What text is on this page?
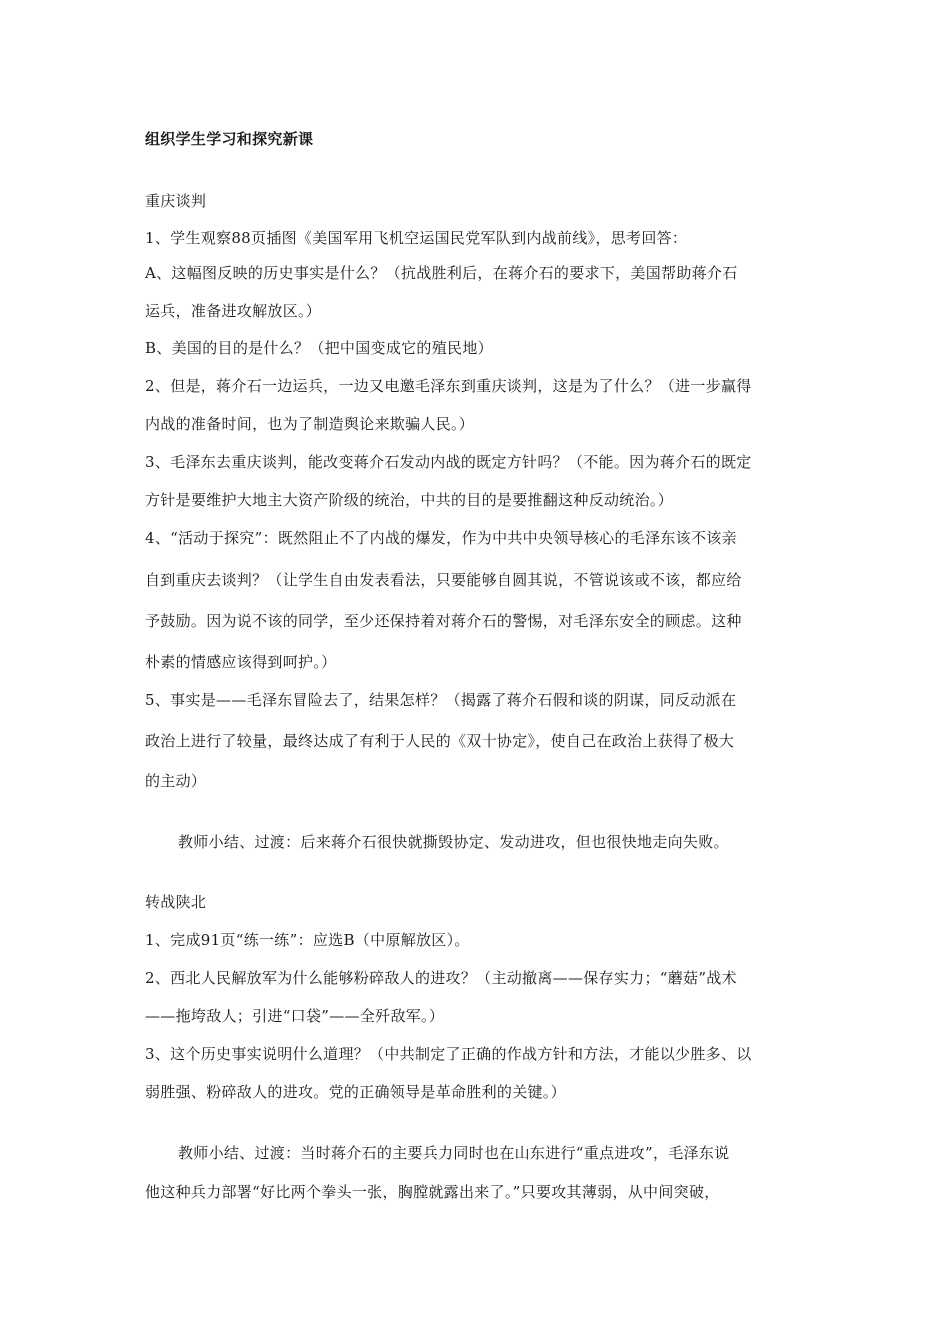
组织学生学习和探究新课
重庆谈判
1、学生观察88页插图《美国军用飞机空运国民党军队到内战前线》，思考回答：
A、这幅图反映的历史事实是什么？（抗战胜利后，在蒋介石的要求下，美国帮助蒋介石
运兵，准备进攻解放区。）
B、美国的目的是什么？（把中国变成它的殖民地）
2、但是，蒋介石一边运兵，一边又电邀毛泽东到重庆谈判，这是为了什么？（进一步赢得
内战的准备时间，也为了制造舆论来欺骗人民。）
3、毛泽东去重庆谈判，能改变蒋介石发动内战的既定方针吗？（不能。因为蒋介石的既定
方针是要维护大地主大资产阶级的统治，中共的目的是要推翻这种反动统治。）
4、“活动于探究”：既然阻止不了内战的爆发，作为中共中央领导核心的毛泽东该不该亲
自到重庆去谈判？（让学生自由发表看法，只要能够自圆其说，不管说该或不该，都应给
予鼓励。因为说不该的同学，至少还保持着对蒋介石的警惕，对毛泽东安全的顾虑。这种
朴素的情感应该得到呵护。）
5、事实是——毛泽东冒险去了，结果怎样？（揭露了蒋介石假和谈的阴谋，同反动派在
政治上进行了较量，最终达成了有利于人民的《双十协定》，使自己在政治上获得了极大
的主动）
教师小结、过渡：后来蒋介石很快就撕毁协定、发动进攻，但也很快地走向失败。
转战陕北
1、完成91页“练一练”：应选B（中原解放区）。
2、西北人民解放军为什么能够粉碎敌人的进攻？（主动撤离——保存实力；“蘑菇”战术
——拖垮敌人；引进“口袋”——全歼敌军。）
3、这个历史事实说明什么道理？（中共制定了正确的作战方针和方法，才能以少胜多、以
弱胜强、粉碎敌人的进攻。党的正确领导是革命胜利的关键。）
教师小结、过渡：当时蒋介石的主要兵力同时也在山东进行“重点进攻”，毛泽东说
他这种兵力部署“好比两个拳头一张，胸膛就露出来了。”只要攻其薄弱，从中间突破，
